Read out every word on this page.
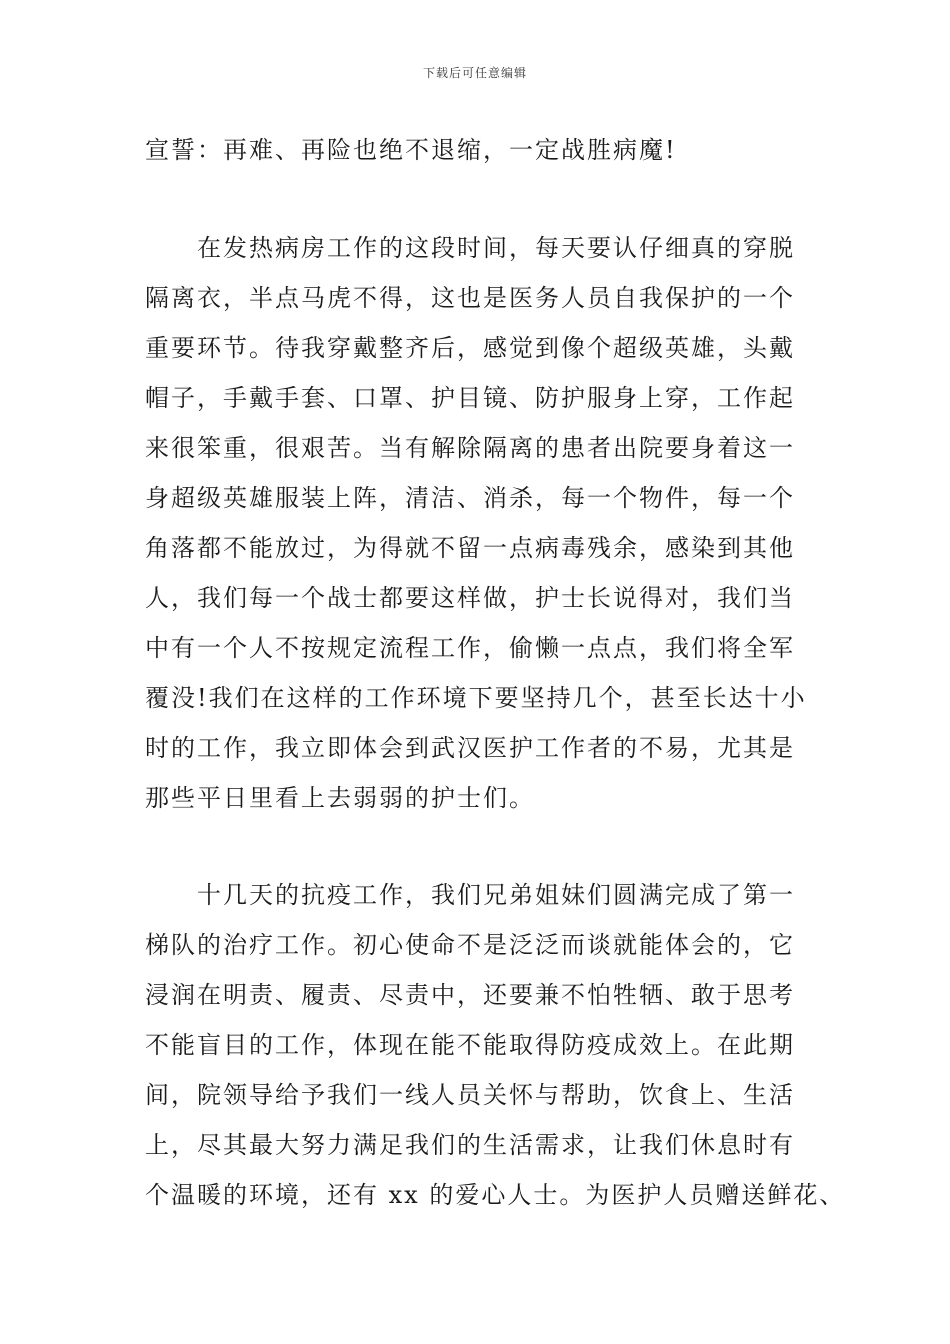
下载后可任意编辑
宣誓：再难、再险也绝不退缩，一定战胜病魔!
在发热病房工作的这段时间，每天要认仔细真的穿脱
隔离衣，半点马虎不得，这也是医务人员自我保护的一个
重要环节。待我穿戴整齐后，感觉到像个超级英雄，头戴
帽子，手戴手套、口罩、护目镜、防护服身上穿，工作起
来很笨重，很艰苦。当有解除隔离的患者出院要身着这一
身超级英雄服装上阵，清洁、消杀，每一个物件，每一个
角落都不能放过，为得就不留一点病毒残余，感染到其他
人，我们每一个战士都要这样做，护士长说得对，我们当
中有一个人不按规定流程工作，偷懒一点点，我们将全军
覆没!我们在这样的工作环境下要坚持几个，甚至长达十小
时的工作，我立即体会到武汉医护工作者的不易，尤其是
那些平日里看上去弱弱的护士们。
十几天的抗疫工作，我们兄弟姐妹们圆满完成了第一
梯队的治疗工作。初心使命不是泛泛而谈就能体会的，它
浸润在明责、履责、尽责中，还要兼不怕牲牺、敢于思考
不能盲目的工作，体现在能不能取得防疫成效上。在此期
间，院领导给予我们一线人员关怀与帮助，饮食上、生活
上，尽其最大努力满足我们的生活需求，让我们休息时有
个温暖的环境，还有 xx 的爱心人士。为医护人员赠送鲜花、
